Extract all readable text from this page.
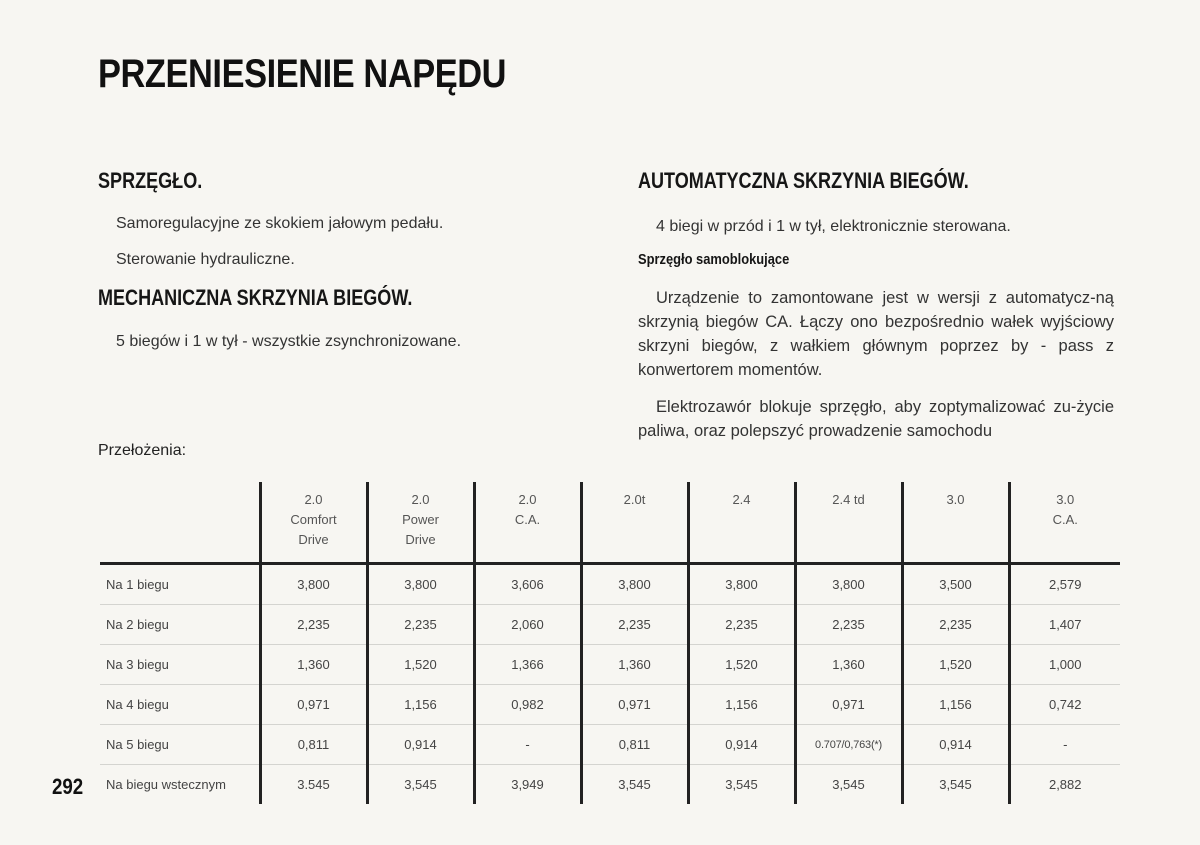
PRZENIESIENIE NAPĘDU
SPRZĘGŁO.

Samoregulacyjne ze skokiem jałowym pedału.

Sterowanie hydrauliczne.

MECHANICZNA SKRZYNIA BIEGÓW.

5 biegów i 1 w tył - wszystkie zsynchronizowane.

AUTOMATYCZNA SKRZYNIA BIEGÓW.

4 biegi w przód i 1 w tył, elektronicznie sterowana.

Sprzęgło samoblokujące

Urządzenie to zamontowane jest w wersji z automatycz-ną skrzynią biegów CA. Łączy ono bezpośrednio wałek wyjściowy skrzyni biegów, z wałkiem głównym poprzez by - pass z konwertorem momentów.

Elektrozawór blokuje sprzęgło, aby zoptymalizować zu-życie paliwa, oraz polepszyć prowadzenie samochodu

Przełożenia:

	2.0
Comfort
Drive	2.0
Power
Drive	2.0
C.A.	2.0t	2.4	2.4 td	3.0	3.0
C.A.

Na 1 biegu	3,800	3,800	3,606	3,800	3,800	3,800	3,500	2,579
Na 2 biegu	2,235	2,235	2,060	2,235	2,235	2,235	2,235	1,407
Na 3 biegu	1,360	1,520	1,366	1,360	1,520	1,360	1,520	1,000
Na 4 biegu	0,971	1,156	0,982	0,971	1,156	0,971	1,156	0,742
Na 5 biegu	0,811	0,914	-	0,811	0,914	0.707/0,763(*)	0,914	-
Na biegu wstecznym	3.545	3,545	3,949	3,545	3,545	3,545	3,545	2,882

292
